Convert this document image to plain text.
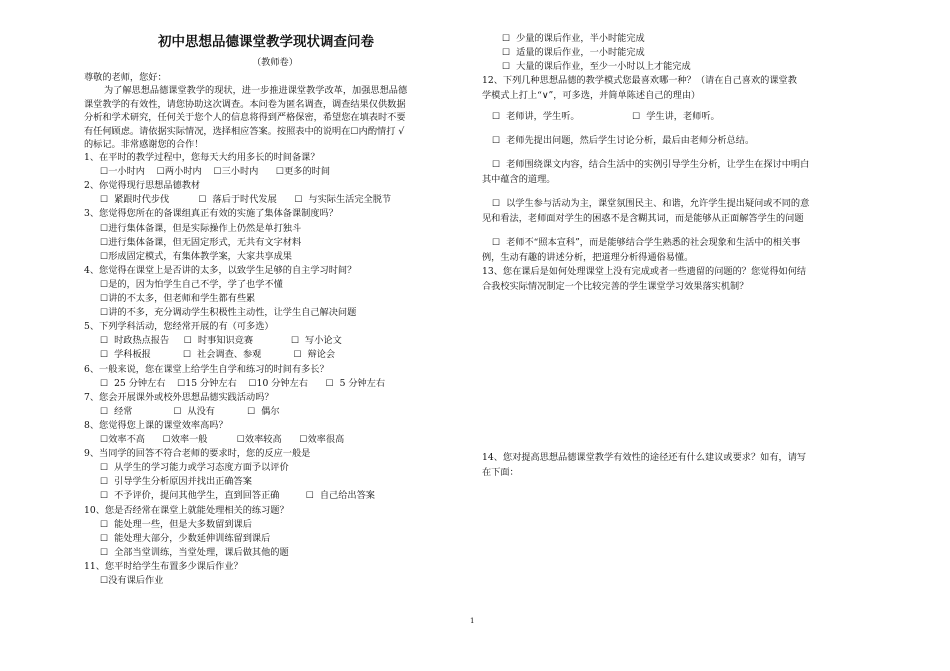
初中思想品德课堂教学现状调查问卷
（教师卷）
尊敬的老师，您好：
为了解思想品德课堂教学的现状，进一步推进课堂教学改革，加强思想品德
课堂教学的有效性，请您协助这次调查。本问卷为匿名调查，调查结果仅供数据
分析和学术研究，任何关于您个人的信息将得到严格保密，希望您在填表时不要
有任何顾虑。请依据实际情况，选择相应答案。按照表中的说明在☐内酌情打 √
的标记。非常感谢您的合作！
1、在平时的教学过程中，您每天大约用多长的时间备课？
☐一小时内    ☐两小时内    ☐三小时内      ☐更多的时间
2、你觉得现行思想品德教材
☐  紧跟时代步伐          ☐  落后于时代发展      ☐  与实际生活完全脱节
3、您觉得您所在的备课组真正有效的实施了集体备课制度吗？
☐进行集体备课，但是实际操作上仍然是单打独斗
☐进行集体备课，但无固定形式，无共有文字材料
☐形成固定模式，有集体教学案，大家共享成果
4、您觉得在课堂上是否讲的太多，以致学生足够的自主学习时间？
☐是的，因为怕学生自己不学，学了也学不懂
☐讲的不太多，但老师和学生都有些累
☐讲的不多，充分调动学生积极性主动性，让学生自己解决问题
5、下列学科活动，您经常开展的有（可多选）
☐  时政热点报告     ☐  时事知识竞赛             ☐  写小论文
☐  学科板报           ☐  社会调查、参观           ☐  辩论会
6、一般来说，您在课堂上给学生自学和练习的时间有多长？
☐  25 分钟左右    ☐15 分钟左右    ☐10 分钟左右      ☐  5 分钟左右
7、您会开展课外或校外思想品德实践活动吗？
☐  经常              ☐  从没有           ☐  偶尔
8、您觉得您上课的课堂效率高吗？
☐效率不高      ☐效率一般          ☐效率较高      ☐效率很高
9、当同学的回答不符合老师的要求时，您的反应一般是
☐  从学生的学习能力或学习态度方面予以评价
☐  引导学生分析原因并找出正确答案
☐  不予评价，提问其他学生，直到回答正确         ☐  自己给出答案
10、您是否经常在课堂上就能处理相关的练习题？
☐  能处理一些，但是大多数留到课后
☐  能处理大部分，少数延伸训练留到课后
☐  全部当堂训练，当堂处理，课后做其他的题
11、您平时给学生布置多少课后作业？
☐没有课后作业
☐  少量的课后作业，半小时能完成
☐  适量的课后作业，一小时能完成
☐  大量的课后作业，至少一小时以上才能完成
12、下列几种思想品德的教学模式您最喜欢哪一种？（请在自己喜欢的课堂教
学模式上打上“∨”，可多选，并简单陈述自己的理由）
☐  老师讲，学生听。                  ☐  学生讲，老师听。
☐  老师先提出问题，然后学生讨论分析，最后由老师分析总结。
☐  老师围绕课文内容，结合生活中的实例引导学生分析，让学生在探讨中明白
其中蕴含的道理。
☐  以学生参与活动为主，课堂氛围民主、和谐，允许学生提出疑问或不同的意
见和看法，老师面对学生的困惑不是含糊其词，而是能够从正面解答学生的问题
☐  老师不“照本宣科”，而是能够结合学生熟悉的社会现象和生活中的相关事
例，生动有趣的讲述分析，把道理分析得通俗易懂。
13、您在课后是如何处理课堂上没有完成或者一些遗留的问题的？您觉得如何结
合我校实际情况制定一个比较完善的学生课堂学习效果落实机制？
14、您对提高思想品德课堂教学有效性的途径还有什么建议或要求？如有，请写
在下面：
1
